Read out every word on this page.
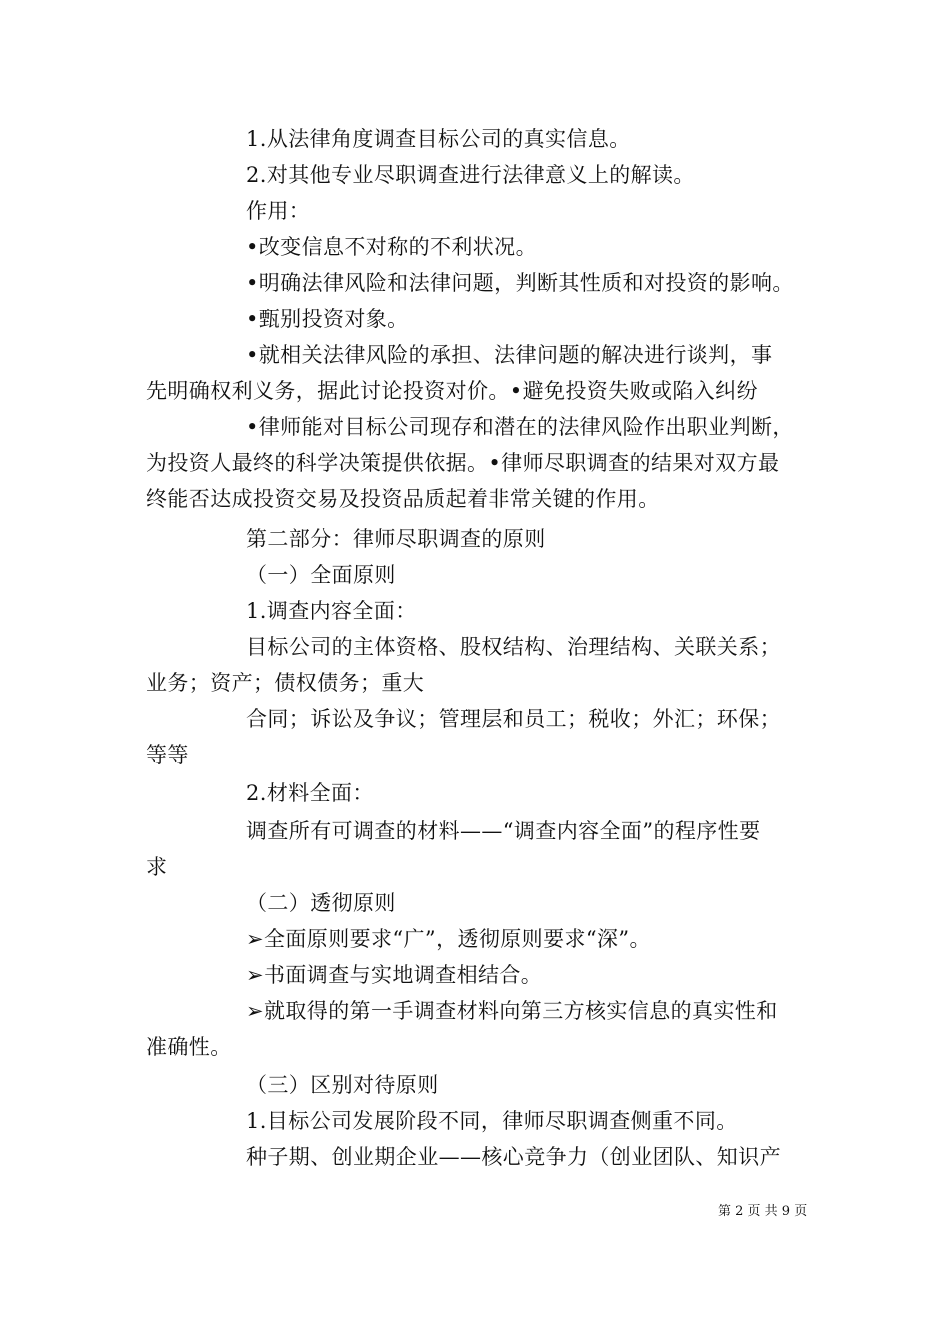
1.从法律角度调查目标公司的真实信息。
2.对其他专业尽职调查进行法律意义上的解读。
作用：
•改变信息不对称的不利状况。
•明确法律风险和法律问题，判断其性质和对投资的影响。
•甄别投资对象。
•就相关法律风险的承担、法律问题的解决进行谈判，事
先明确权利义务，据此讨论投资对价。•避免投资失败或陷入纠纷
•律师能对目标公司现存和潜在的法律风险作出职业判断，
为投资人最终的科学决策提供依据。•律师尽职调查的结果对双方最
终能否达成投资交易及投资品质起着非常关键的作用。
第二部分：律师尽职调查的原则
（一）全面原则
1.调查内容全面：
目标公司的主体资格、股权结构、治理结构、关联关系；
业务；资产；债权债务；重大
合同；诉讼及争议；管理层和员工；税收；外汇；环保；
等等
2.材料全面：
调查所有可调查的材料——“调查内容全面”的程序性要
求
（二）透彻原则
➢全面原则要求“广”，透彻原则要求“深”。
➢书面调查与实地调查相结合。
➢就取得的第一手调查材料向第三方核实信息的真实性和
准确性。
（三）区别对待原则
1.目标公司发展阶段不同，律师尽职调查侧重不同。
种子期、创业期企业——核心竞争力（创业团队、知识产
第 2 页 共 9 页
